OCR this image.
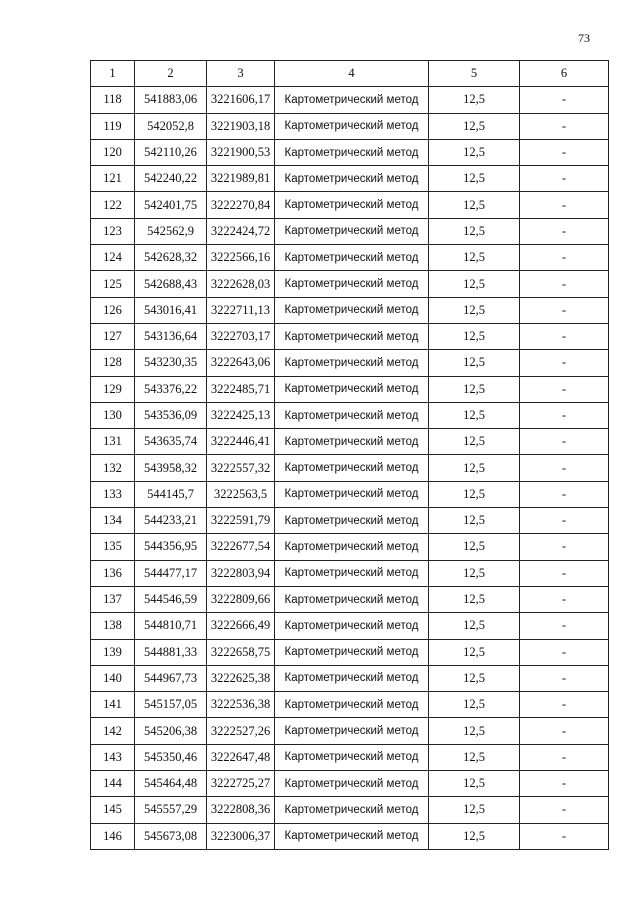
73
1	2	3	4	5	6
118	541883,06	3221606,17	Картометрический метод	12,5	-
119	542052,8	3221903,18	Картометрический метод	12,5	-
120	542110,26	3221900,53	Картометрический метод	12,5	-
121	542240,22	3221989,81	Картометрический метод	12,5	-
122	542401,75	3222270,84	Картометрический метод	12,5	-
123	542562,9	3222424,72	Картометрический метод	12,5	-
124	542628,32	3222566,16	Картометрический метод	12,5	-
125	542688,43	3222628,03	Картометрический метод	12,5	-
126	543016,41	3222711,13	Картометрический метод	12,5	-
127	543136,64	3222703,17	Картометрический метод	12,5	-
128	543230,35	3222643,06	Картометрический метод	12,5	-
129	543376,22	3222485,71	Картометрический метод	12,5	-
130	543536,09	3222425,13	Картометрический метод	12,5	-
131	543635,74	3222446,41	Картометрический метод	12,5	-
132	543958,32	3222557,32	Картометрический метод	12,5	-
133	544145,7	3222563,5	Картометрический метод	12,5	-
134	544233,21	3222591,79	Картометрический метод	12,5	-
135	544356,95	3222677,54	Картометрический метод	12,5	-
136	544477,17	3222803,94	Картометрический метод	12,5	-
137	544546,59	3222809,66	Картометрический метод	12,5	-
138	544810,71	3222666,49	Картометрический метод	12,5	-
139	544881,33	3222658,75	Картометрический метод	12,5	-
140	544967,73	3222625,38	Картометрический метод	12,5	-
141	545157,05	3222536,38	Картометрический метод	12,5	-
142	545206,38	3222527,26	Картометрический метод	12,5	-
143	545350,46	3222647,48	Картометрический метод	12,5	-
144	545464,48	3222725,27	Картометрический метод	12,5	-
145	545557,29	3222808,36	Картометрический метод	12,5	-
146	545673,08	3223006,37	Картометрический метод	12,5	-
